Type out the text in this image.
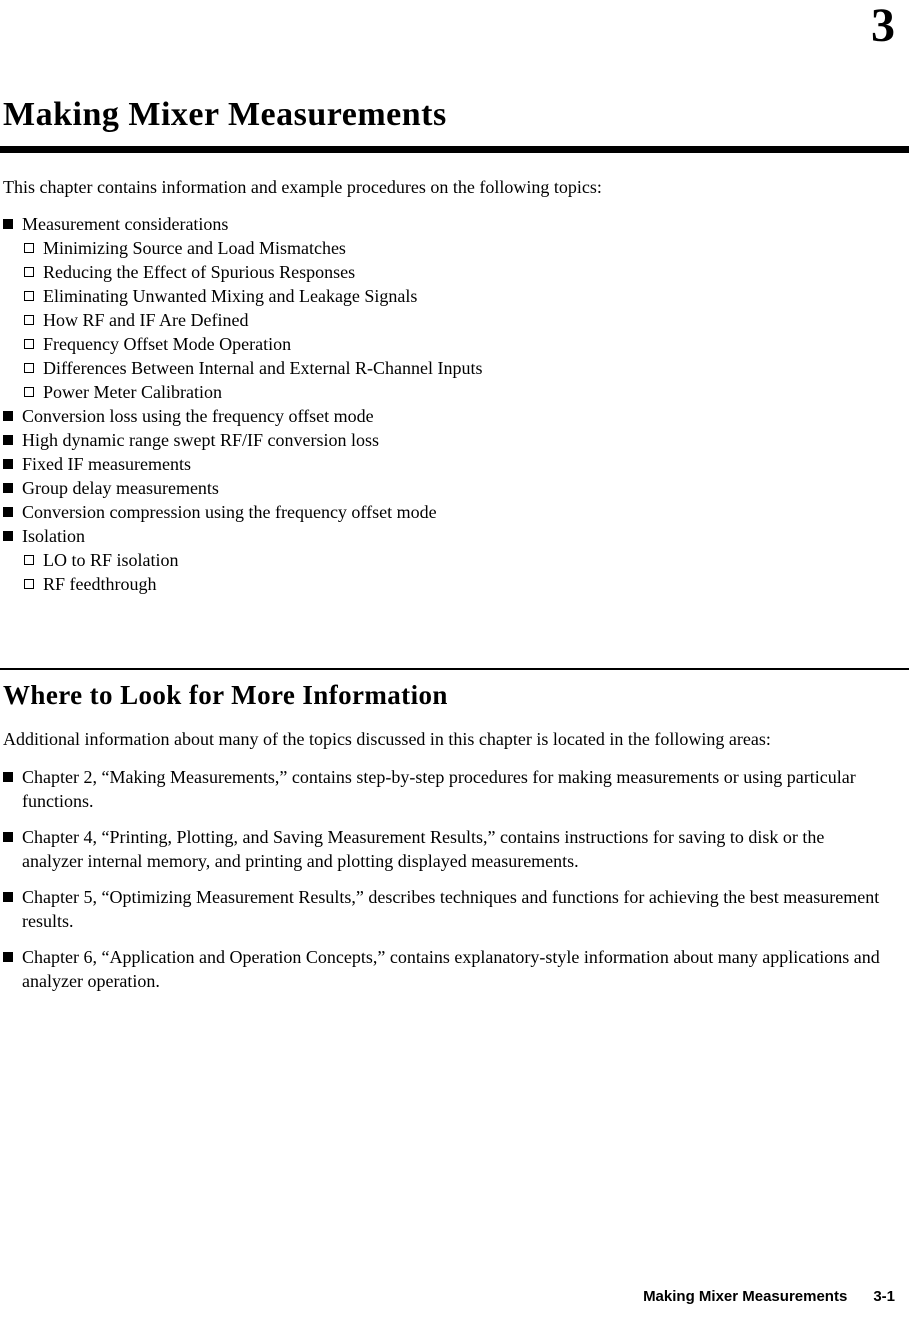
3
Making Mixer Measurements

This chapter contains information and example procedures on the following topics:

Measurement considerations
Minimizing Source and Load Mismatches
Reducing the Effect of Spurious Responses
Eliminating Unwanted Mixing and Leakage Signals
How RF and IF Are Defined
Frequency Offset Mode Operation
Differences Between Internal and External R-Channel Inputs
Power Meter Calibration
Conversion loss using the frequency offset mode
High dynamic range swept RF/IF conversion loss
Fixed IF measurements
Group delay measurements
Conversion compression using the frequency offset mode
Isolation
LO to RF isolation
RF feedthrough
Where to Look for More Information

Additional information about many of the topics discussed in this chapter is located in the following areas:

Chapter 2, “Making Measurements,” contains step-by-step procedures for making measurements or using particular functions.
Chapter 4, “Printing, Plotting, and Saving Measurement Results,” contains instructions for saving to disk or the analyzer internal memory, and printing and plotting displayed measurements.
Chapter 5, “Optimizing Measurement Results,” describes techniques and functions for achieving the best measurement results.
Chapter 6, “Application and Operation Concepts,” contains explanatory-style information about many applications and analyzer operation.
Making Mixer Measurements 3-1
